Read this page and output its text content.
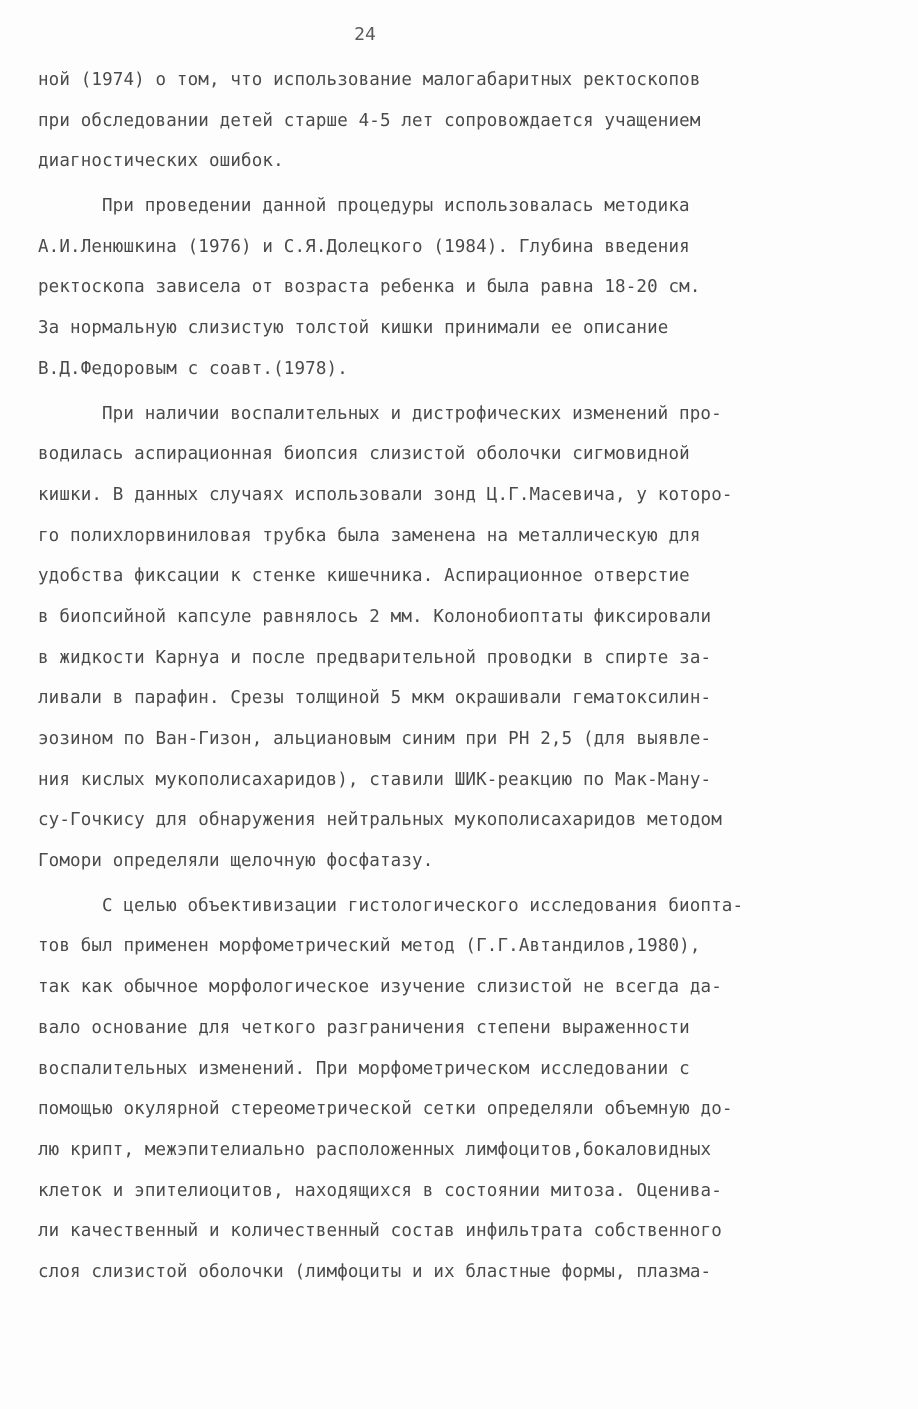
24
ной (1974) о том, что использование малогабаритных ректоскопов
при обследовании детей старше 4-5 лет сопровождается учащением
диагностических ошибок.
При проведении данной процедуры использовалась методика
А.И.Ленюшкина (1976) и С.Я.Долецкого (1984). Глубина введения
ректоскопа зависела от возраста ребенка и была равна 18-20 см.
За нормальную слизистую толстой кишки принимали ее описание
В.Д.Федоровым с соавт.(1978).
При наличии воспалительных и дистрофических изменений про-
водилась аспирационная биопсия слизистой оболочки сигмовидной
кишки. В данных случаях использовали зонд Ц.Г.Масевича, у которо-
го полихлорвиниловая трубка была заменена на металлическую для
удобства фиксации к стенке кишечника. Аспирационное отверстие
в биопсийной капсуле равнялось 2 мм. Колонобиоптаты фиксировали
в жидкости Карнуа и после предварительной проводки в спирте за-
ливали в парафин. Срезы толщиной 5 мкм окрашивали гематоксилин-
эозином по Ван-Гизон, альциановым синим при РН 2,5 (для выявле-
ния кислых мукополисахаридов), ставили ШИК-реакцию по Мак-Ману-
су-Гочкису для обнаружения нейтральных мукополисахаридов методом
Гомори определяли щелочную фосфатазу.
С целью объективизации гистологического исследования биопта-
тов был применен морфометрический метод (Г.Г.Автандилов,1980),
так как обычное морфологическое изучение слизистой не всегда да-
вало основание для четкого разграничения степени выраженности
воспалительных изменений. При морфометрическом исследовании с
помощью окулярной стереометрической сетки определяли объемную до-
лю крипт, межэпителиально расположенных лимфоцитов,бокаловидных
клеток и эпителиоцитов, находящихся в состоянии митоза. Оценива-
ли качественный и количественный состав инфильтрата собственного
слоя слизистой оболочки (лимфоциты и их бластные формы, плазма-
